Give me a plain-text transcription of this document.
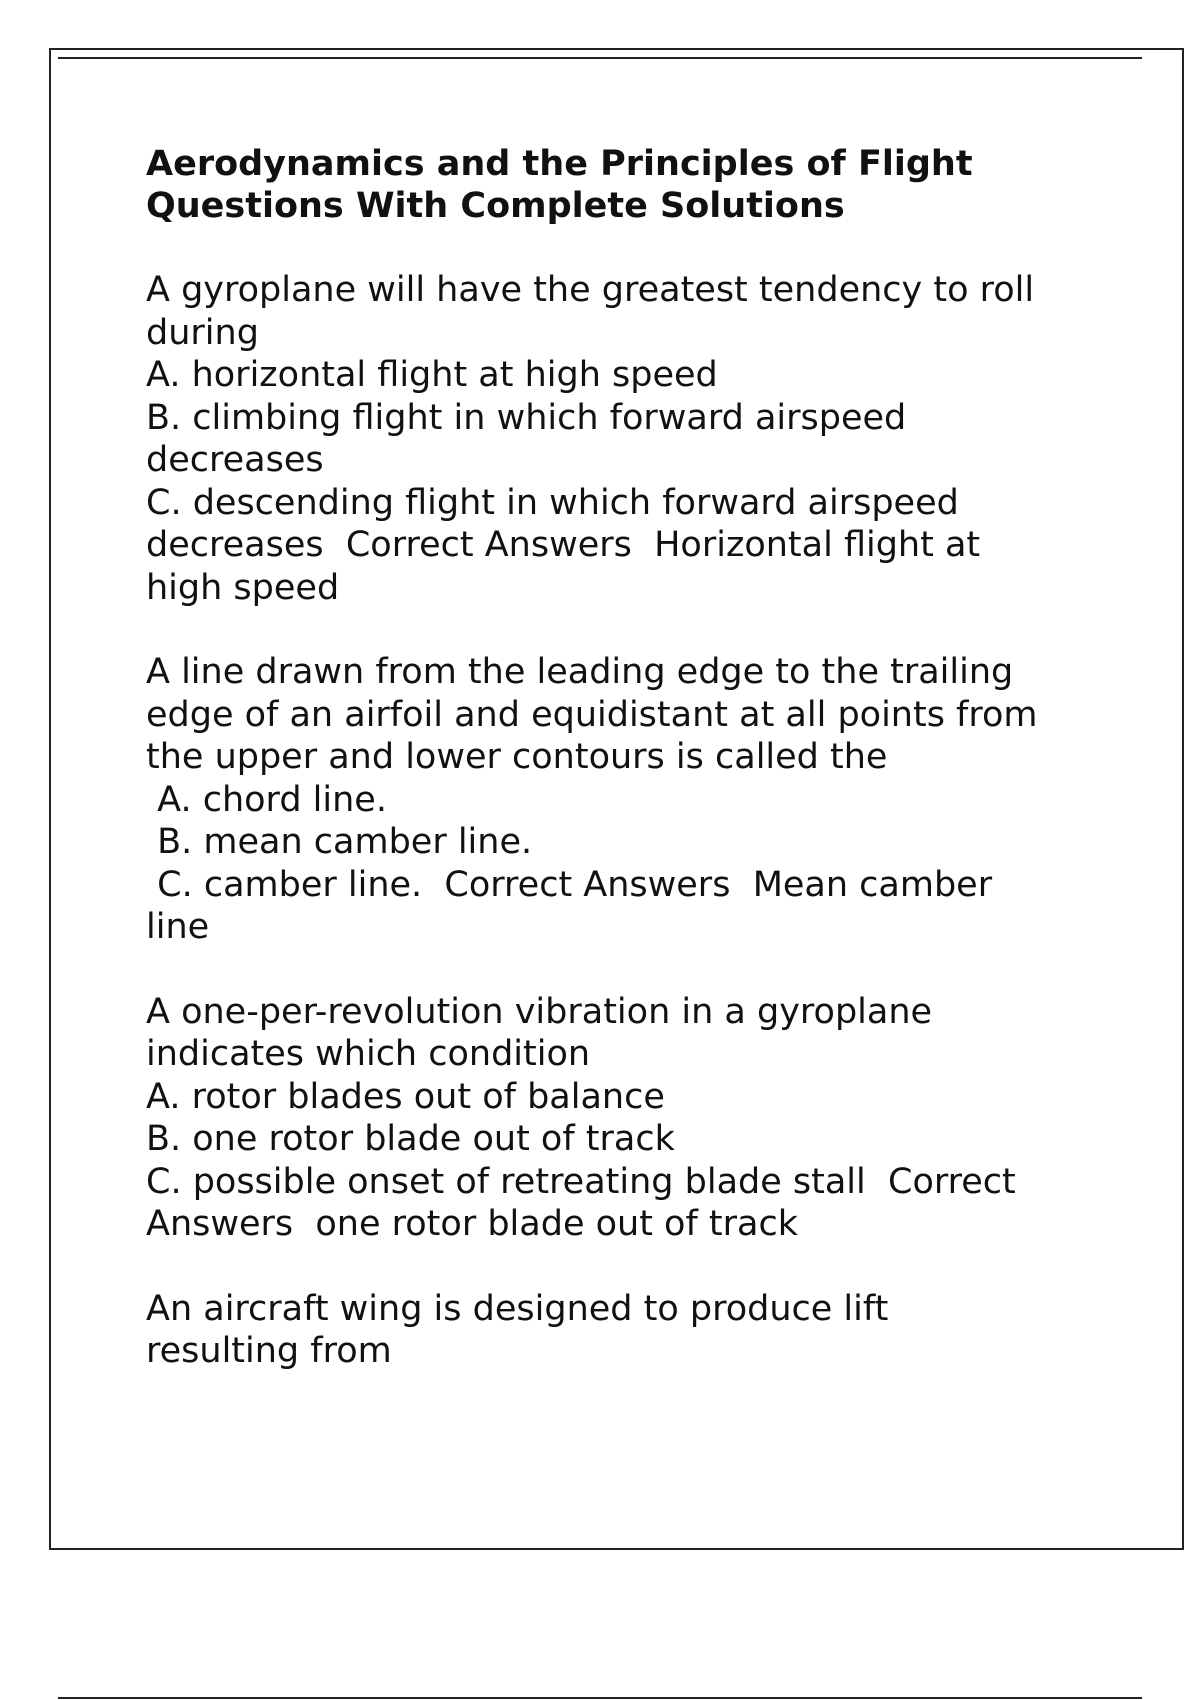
Aerodynamics and the Principles of Flight
Questions With Complete Solutions

A gyroplane will have the greatest tendency to roll
during
A. horizontal flight at high speed
B. climbing flight in which forward airspeed
decreases
C. descending flight in which forward airspeed
decreases  Correct Answers  Horizontal flight at
high speed

A line drawn from the leading edge to the trailing
edge of an airfoil and equidistant at all points from
the upper and lower contours is called the
A. chord line.
B. mean camber line.
C. camber line.  Correct Answers  Mean camber
line

A one-per-revolution vibration in a gyroplane
indicates which condition
A. rotor blades out of balance
B. one rotor blade out of track
C. possible onset of retreating blade stall  Correct
Answers  one rotor blade out of track

An aircraft wing is designed to produce lift
resulting from
